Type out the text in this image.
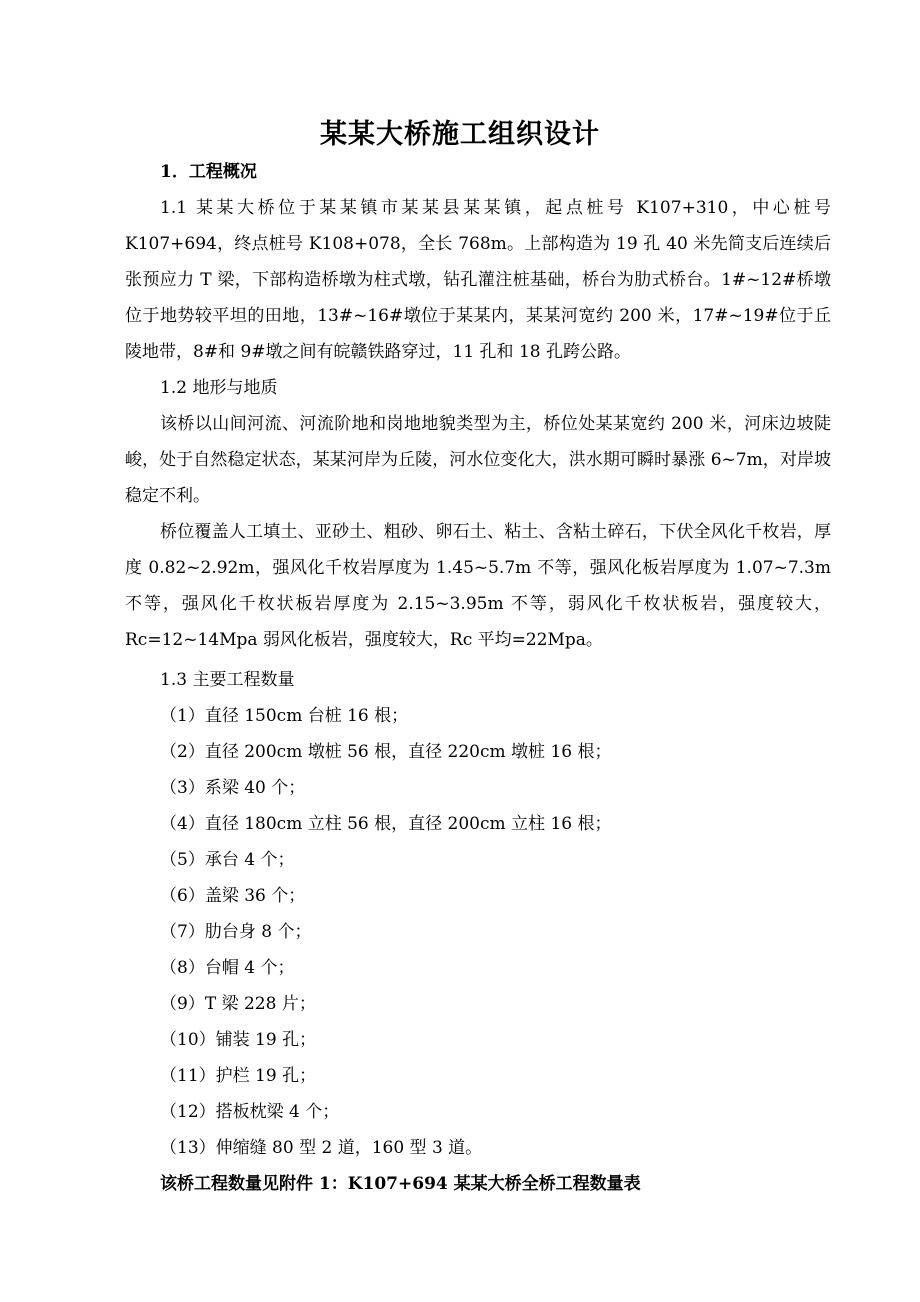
某某大桥施工组织设计
1．工程概况

1.1 某某大桥位于某某镇市某某县某某镇，起点桩号 K107+310，中心桩号 K107+694，终点桩号 K108+078，全长 768m。上部构造为 19 孔 40 米先简支后连续后张预应力 T 梁，下部构造桥墩为柱式墩，钻孔灌注桩基础，桥台为肋式桥台。1#~12#桥墩位于地势较平坦的田地，13#~16#墩位于某某内，某某河宽约 200 米，17#~19#位于丘陵地带，8#和 9#墩之间有皖赣铁路穿过，11 孔和 18 孔跨公路。

1.2 地形与地质

该桥以山间河流、河流阶地和岗地地貌类型为主，桥位处某某宽约 200 米，河床边坡陡峻，处于自然稳定状态，某某河岸为丘陵，河水位变化大，洪水期可瞬时暴涨 6~7m，对岸坡稳定不利。

桥位覆盖人工填土、亚砂土、粗砂、卵石土、粘土、含粘土碎石，下伏全风化千枚岩，厚度 0.82~2.92m，强风化千枚岩厚度为 1.45~5.7m 不等，强风化板岩厚度为 1.07~7.3m 不等，强风化千枚状板岩厚度为 2.15~3.95m 不等，弱风化千枚状板岩，强度较大，Rc=12~14Mpa 弱风化板岩，强度较大，Rc 平均=22Mpa。

1.3 主要工程数量
（1）直径 150cm 台桩 16 根；
（2）直径 200cm 墩桩 56 根，直径 220cm 墩桩 16 根；
（3）系梁 40 个；
（4）直径 180cm 立柱 56 根，直径 200cm 立柱 16 根；
（5）承台 4 个；
（6）盖梁 36 个；
（7）肋台身 8 个；
（8）台帽 4 个；
（9）T 梁 228 片；
（10）铺装 19 孔；
（11）护栏 19 孔；
（12）搭板枕梁 4 个；
（13）伸缩缝 80 型 2 道，160 型 3 道。
该桥工程数量见附件 1：K107+694 某某大桥全桥工程数量表
